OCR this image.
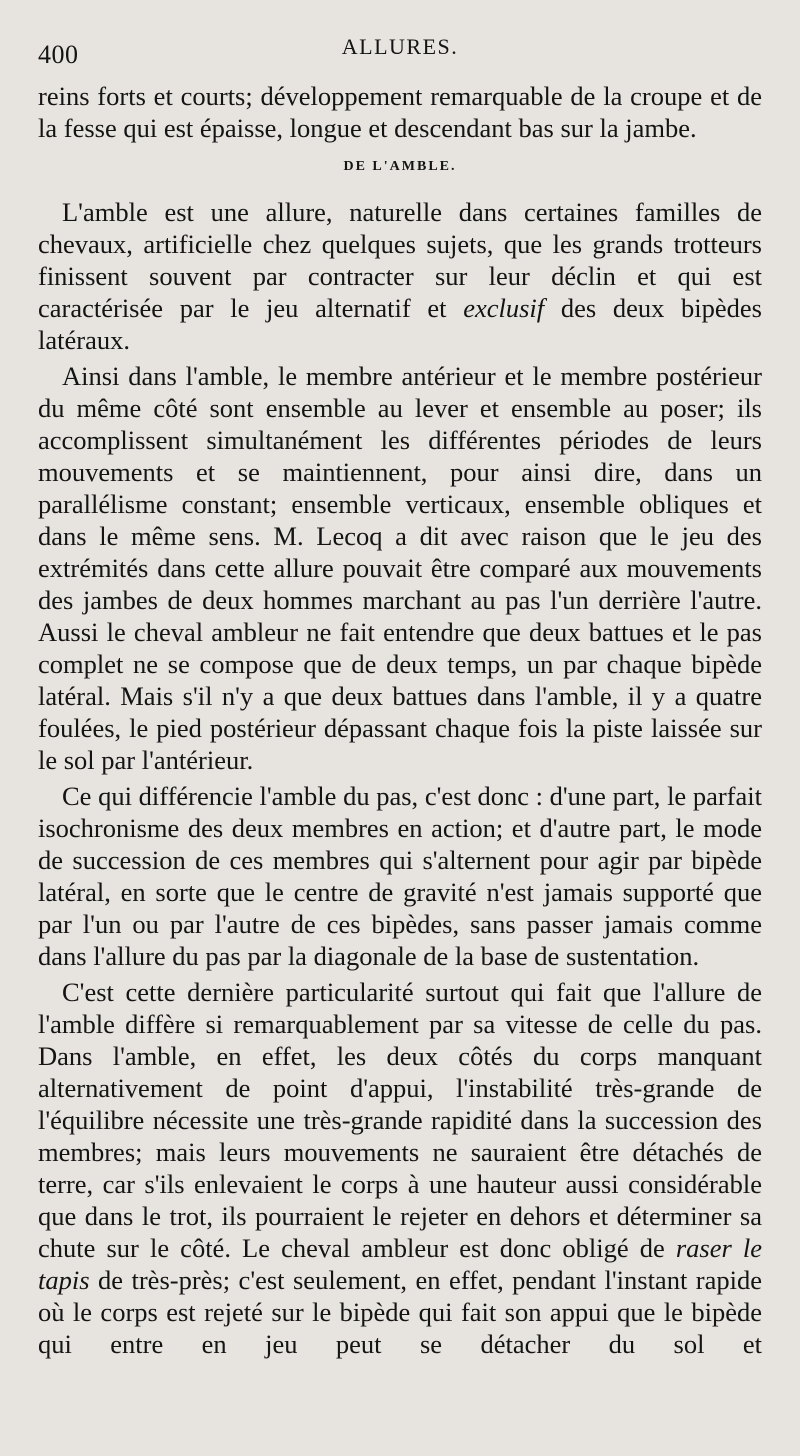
400	ALLURES.

reins forts et courts; développement remarquable de la croupe et de la fesse qui est épaisse, longue et descendant bas sur la jambe.

DE L'AMBLE.

L'amble est une allure, naturelle dans certaines familles de chevaux, artificielle chez quelques sujets, que les grands trotteurs finissent souvent par contracter sur leur déclin et qui est caractérisée par le jeu alternatif et exclusif des deux bipèdes latéraux.

Ainsi dans l'amble, le membre antérieur et le membre postérieur du même côté sont ensemble au lever et ensemble au poser; ils accomplissent simultanément les différentes périodes de leurs mouvements et se maintiennent, pour ainsi dire, dans un parallélisme constant; ensemble verticaux, ensemble obliques et dans le même sens. M. Lecoq a dit avec raison que le jeu des extrémités dans cette allure pouvait être comparé aux mouvements des jambes de deux hommes marchant au pas l'un derrière l'autre. Aussi le cheval ambleur ne fait entendre que deux battues et le pas complet ne se compose que de deux temps, un par chaque bipède latéral. Mais s'il n'y a que deux battues dans l'amble, il y a quatre foulées, le pied postérieur dépassant chaque fois la piste laissée sur le sol par l'antérieur.

Ce qui différencie l'amble du pas, c'est donc : d'une part, le parfait isochronisme des deux membres en action; et d'autre part, le mode de succession de ces membres qui s'alternent pour agir par bipède latéral, en sorte que le centre de gravité n'est jamais supporté que par l'un ou par l'autre de ces bipèdes, sans passer jamais comme dans l'allure du pas par la diagonale de la base de sustentation.

C'est cette dernière particularité surtout qui fait que l'allure de l'amble diffère si remarquablement par sa vitesse de celle du pas. Dans l'amble, en effet, les deux côtés du corps manquant alternativement de point d'appui, l'instabilité très-grande de l'équilibre nécessite une très-grande rapidité dans la succession des membres; mais leurs mouvements ne sauraient être détachés de terre, car s'ils enlevaient le corps à une hauteur aussi considérable que dans le trot, ils pourraient le rejeter en dehors et déterminer sa chute sur le côté. Le cheval ambleur est donc obligé de raser le tapis de très-près; c'est seulement, en effet, pendant l'instant rapide où le corps est rejeté sur le bipède qui fait son appui que le bipède qui entre en jeu peut se détacher du sol et
